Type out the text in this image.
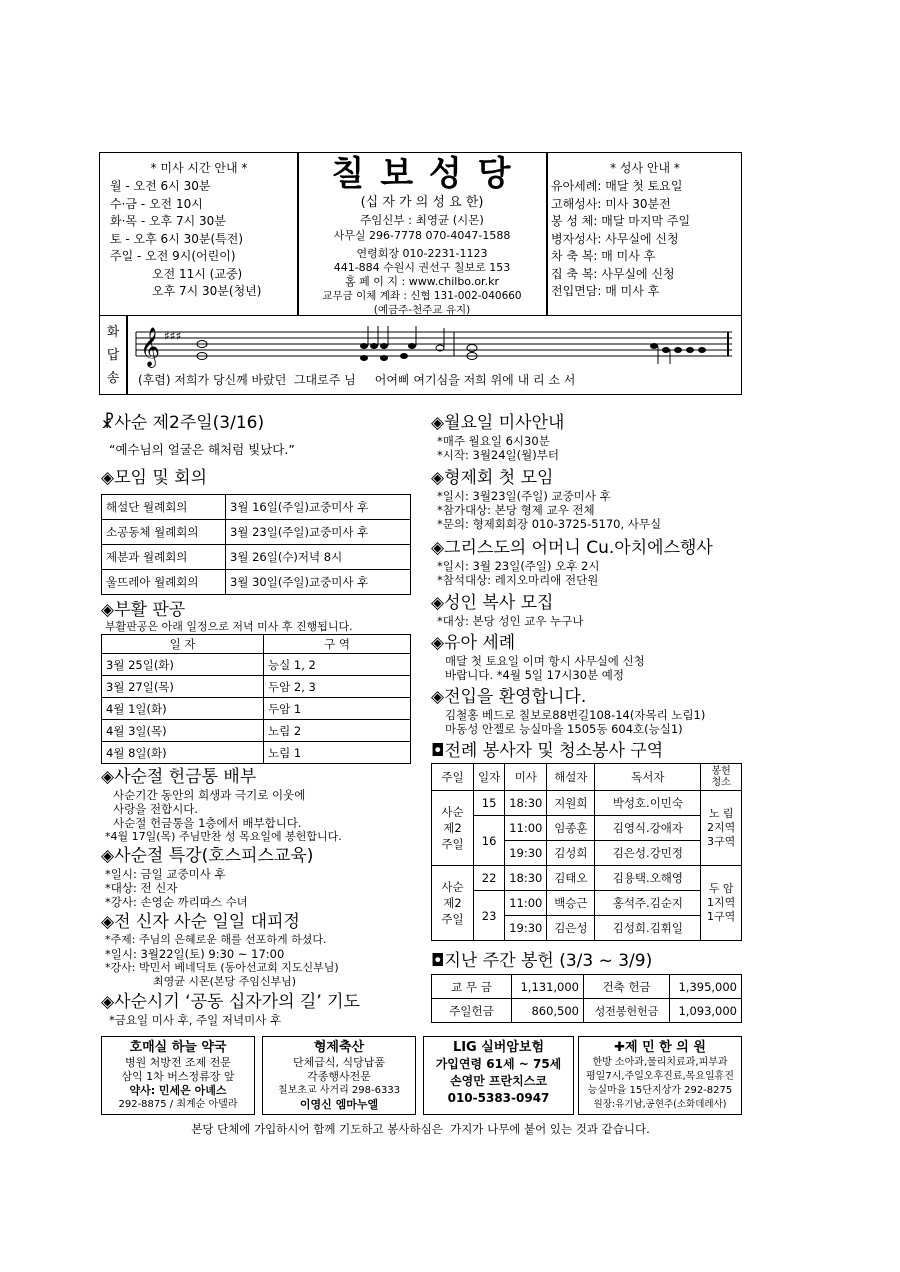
* 미사 시간 안내 *
월 - 오전 6시 30분
수·금 - 오전 10시
화·목 - 오후 7시 30분
토 - 오후 6시 30분(특전)
주일 - 오전 9시(어린이)
오전 11시 (교중)
오후 7시 30분(청년)
칠 보 성 당
(십 자 가 의 성 요 한)
주임신부 : 최영균 (시몬)
사무실 296-7778 070-4047-1588
연령회장 010-2231-1123
441-884 수원시 권선구 칠보로 153
홈 페 이 지 : www.chilbo.or.kr
교무금 이체 계좌 : 신협 131-002-040660
(예금주-천주교 유지)
* 성사 안내 *
유아세례: 매달 첫 토요일
고해성사: 미사 30분전
봉 성 체: 매달 마지막 주일
병자성사: 사무실에 신청
차 축 복: 매 미사 후
집 축 복: 사무실에 신청
전입면담: 매 미사 후
화
답
송
𝄞 ♯♯♯
(후렴) 저희가 당신께 바랐던  그대로주 님     어여삐 여기심을 저희 위에 내 리 소 서
☧사순 제2주일(3/16)
“예수님의 얼굴은 해처럼 빛났다.”
◈모임 및 회의
해설단 월례회의	3월 16일(주일)교중미사 후
소공동체 월례회의	3월 23일(주일)교중미사 후
제분과 월례회의	3월 26일(수)저녁 8시
울뜨레아 월례회의	3월 30일(주일)교중미사 후
◈부활 판공
부활판공은 아래 일정으로 저녁 미사 후 진행됩니다.
일 자	구 역
3월 25일(화)	능실 1, 2
3월 27일(목)	두암 2, 3
4월 1일(화)	두암 1
4월 3일(목)	노림 2
4월 8일(화)	노림 1
◈사순절 헌금통 배부
사순기간 동안의 희생과 극기로 이웃에
사랑을 전합시다.
사순절 헌금통을 1층에서 배부합니다.
*4월 17일(목) 주님만찬 성 목요일에 봉헌합니다.
◈사순절 특강(호스피스교육)
*일시: 금일 교중미사 후
*대상: 전 신자
*강사: 손영순 까리따스 수녀
◈전 신자 사순 일일 대피정
*주제: 주님의 은혜로운 해를 선포하게 하셨다.
*일시: 3월22일(토) 9:30 ~ 17:00
*강사: 박민서 베네딕토 (동아선교회 지도신부님)
최영균 시몬(본당 주임신부님)
◈사순시기 ‘공동 십자가의 길’ 기도
*금요일 미사 후, 주일 저녁미사 후
◈월요일 미사안내
*매주 월요일 6시30분
*시작: 3월24일(월)부터
◈형제회 첫 모임
*일시: 3월23일(주일) 교중미사 후
*참가대상: 본당 형제 교우 전체
*문의: 형제회회장 010-3725-5170, 사무실
◈그리스도의 어머니 Cu.아치에스행사
*일시: 3월 23일(주일) 오후 2시
*참석대상: 레지오마리애 전단원
◈성인 복사 모집
*대상: 본당 성인 교우 누구나
◈유아 세례
매달 첫 토요일 이며 항시 사무실에 신청
바랍니다. *4월 5일 17시30분 예정
◈전입을 환영합니다.
김철홍 베드로 칠보로88번길108-14(자목리 노림1)
마동성 안젤로 능실마을 1505동 604호(능실1)
◘전례 봉사자 및 청소봉사 구역
주일	일자	미사	해설자	독서자	봉헌
청소
사순
제2
주일	15	18:30	지원희	박성호.이민숙	노 림
2지역
3구역
	16	11:00	임종훈	김영식.강애자	
		19:30	김성희	김은성.강민정	
사순
제2
주일	22	18:30	김태오	김용택.오해영	두 암
1지역
1구역
	23	11:00	백승근	홍석주.김순지	
		19:30	김은성	김성희.김휘일	
◘지난 주간 봉헌 (3/3 ~ 3/9)
교 무 금	1,131,000	건축 헌금	1,395,000
주일헌금	860,500	성전봉헌헌금	1,093,000
호매실 하늘 약국
병원 처방전 조제 전문
삼익 1차 버스정류장 앞
약사: 민세은 아녜스
292-8875 / 최계순 아델라
형제축산
단체급식, 식당납품
각종행사전문
칠보초교 사거리 298-6333
이영신 엠마누엘
LIG 실버암보험
가입연령 61세 ~ 75세
손영만 프란치스코
010-5383-0947
✚제 민 한 의 원
한방 소아과,물리치료과,피부과
평일7시,주일오후진료,목요일휴진
능실마을 15단지상가 292-8275
원장:유기남,공현주(소화데레사)
본당 단체에 가입하시어 함께 기도하고 봉사하심은  가지가 나무에 붙어 있는 것과 같습니다.
